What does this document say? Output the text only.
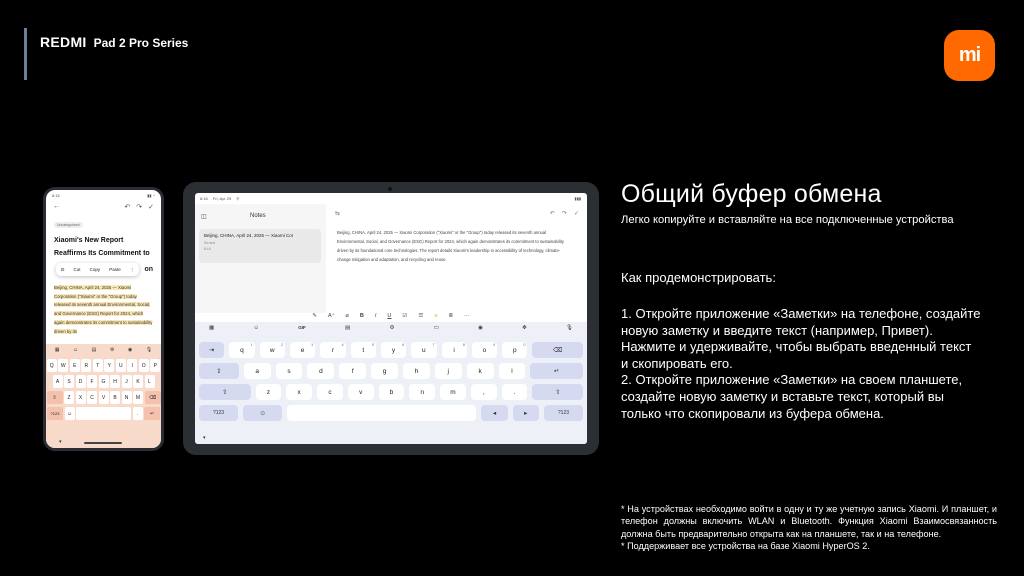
REDMI Pad 2 Pro Series
mi
8:16	▮▮ ◔
←	↶ ↷ ✓
Uncategorized
Xiaomi's New Report Reaffirms Its Commitment to
⊡ Cut Copy Paste ⋮ on
Beijing, CHINA, April 24, 2025 — Xiaomi Corporation ("Xiaomi" or the "Group") today released its seventh annual Environmental, Social, and Governance (ESG) Report for 2024, which again demonstrates its commitment to sustainability driven by its
▦	☺	▤	⚙	◉	🎙
Q	W	E	R	T	Y	U	I	O	P
A	S	D	F	G	H	J	K	L
⇧	Z	X	C	V	B	N	M	⌫
?123	☺	.	↵
▾
8:16 Fri, Apr 25 ⚲	▮▮▮
◫	Notes
Beijing, CHINA, April 24, 2025 — Xiaomi Cor
No text
8:16
⇆	↶ ↷ ✓
Beijing, CHINA, April 24, 2025 — Xiaomi Corporation ("Xiaomi" or the "Group") today released its seventh annual Environmental, Social, and Governance (ESG) Report for 2024, which again demonstrates its commitment to sustainability driven by its foundational core technologies. The report details Xiaomi's leadership in accessibility of technology, climate-change mitigation and adaptation, and recycling and reuse.
✎ A⁺ ⌀ B I U ☑ ☰ ≡ ≣ ⋯
▦	☺	GIF	▤	⚙	▭	◉	✥	🎙
⇥	q
1
w
2
e
3
r
4
t
5
y
6
u
7
i
8
o
9
p
0
⌫
⇪	a	s	d	f	g	h	j	k	l	↵
⇧	z	x	c	v	b	n	m	,	.	⇧
?123	☺	◂	▸	?123
▾
Общий буфер обмена
Легко копируйте и вставляйте на все подключенные устройства
Как продемонстрировать:

1. Откройте приложение «Заметки» на телефоне, создайте новую заметку и введите текст (например, Привет). Нажмите и удерживайте, чтобы выбрать введенный текст и скопировать его.

2. Откройте приложение «Заметки» на своем планшете, создайте новую заметку и вставьте текст, который вы только что скопировали из буфера обмена.

* На устройствах необходимо войти в одну и ту же учетную запись Xiaomi. И планшет, и телефон должны включить WLAN и Bluetooth. Функция Xiaomi Взаимосвязанность должна быть предварительно открыта как на планшете, так и на телефоне.

* Поддерживает все устройства на базе Xiaomi HyperOS 2.
